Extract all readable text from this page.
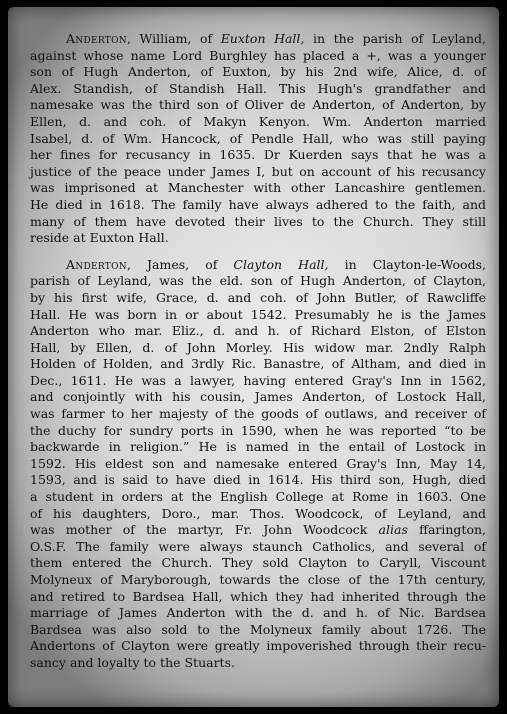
Anderton, William, of Euxton Hall, in the parish of Leyland,
against whose name Lord Burghley has placed a +, was a younger
son of Hugh Anderton, of Euxton, by his 2nd wife, Alice, d. of
Alex. Standish, of Standish Hall. This Hugh's grandfather and
namesake was the third son of Oliver de Anderton, of Anderton, by
Ellen, d. and coh. of Makyn Kenyon. Wm. Anderton married
Isabel, d. of Wm. Hancock, of Pendle Hall, who was still paying
her fines for recusancy in 1635. Dr Kuerden says that he was a
justice of the peace under James I, but on account of his recusancy
was imprisoned at Manchester with other Lancashire gentlemen.
He died in 1618. The family have always adhered to the faith, and
many of them have devoted their lives to the Church. They still
reside at Euxton Hall.
Anderton, James, of Clayton Hall, in Clayton-le-Woods,
parish of Leyland, was the eld. son of Hugh Anderton, of Clayton,
by his first wife, Grace, d. and coh. of John Butler, of Rawcliffe
Hall. He was born in or about 1542. Presumably he is the James
Anderton who mar. Eliz., d. and h. of Richard Elston, of Elston
Hall, by Ellen, d. of John Morley. His widow mar. 2ndly Ralph
Holden of Holden, and 3rdly Ric. Banastre, of Altham, and died in
Dec., 1611. He was a lawyer, having entered Gray's Inn in 1562,
and conjointly with his cousin, James Anderton, of Lostock Hall,
was farmer to her majesty of the goods of outlaws, and receiver of
the duchy for sundry ports in 1590, when he was reported “to be
backwarde in religion.” He is named in the entail of Lostock in
1592. His eldest son and namesake entered Gray's Inn, May 14,
1593, and is said to have died in 1614. His third son, Hugh, died
a student in orders at the English College at Rome in 1603. One
of his daughters, Doro., mar. Thos. Woodcock, of Leyland, and
was mother of the martyr, Fr. John Woodcock alias ffarington,
O.S.F. The family were always staunch Catholics, and several of
them entered the Church. They sold Clayton to Caryll, Viscount
Molyneux of Maryborough, towards the close of the 17th century,
and retired to Bardsea Hall, which they had inherited through the
marriage of James Anderton with the d. and h. of Nic. Bardsea
Bardsea was also sold to the Molyneux family about 1726. The
Andertons of Clayton were greatly impoverished through their recu-
sancy and loyalty to the Stuarts.
